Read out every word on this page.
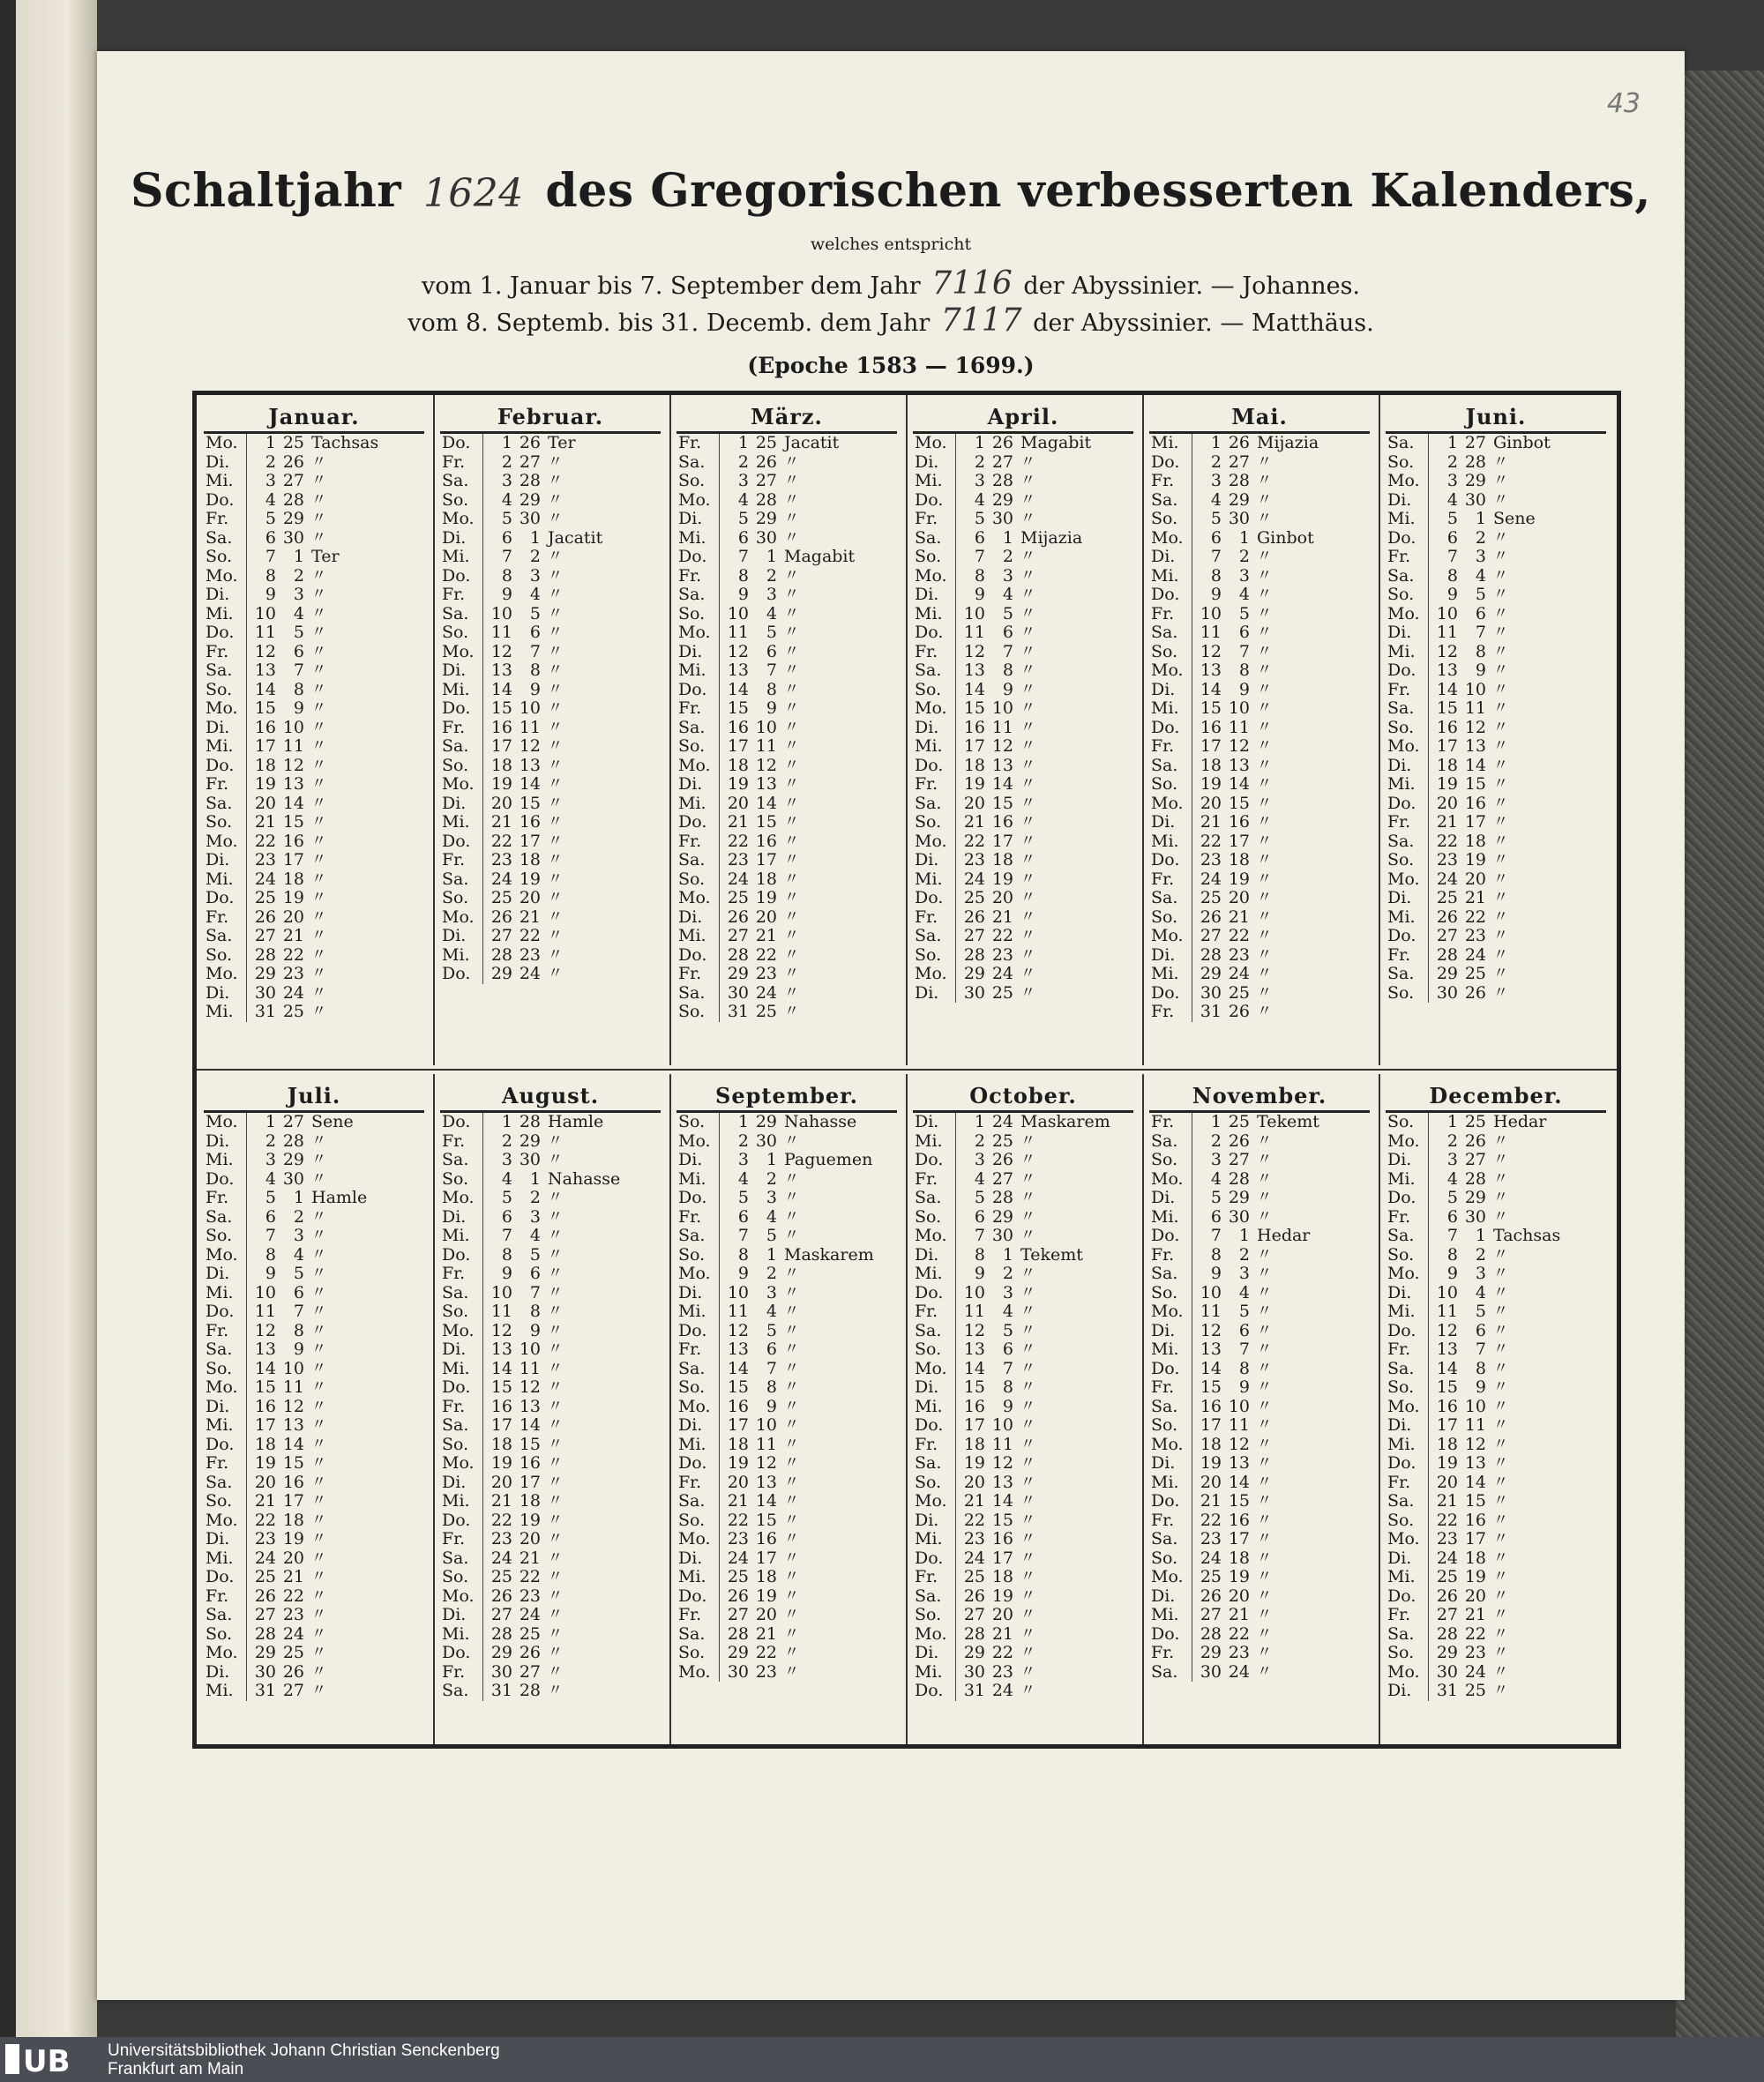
43
Schaltjahr 1624 des Gregorischen verbesserten Kalenders,
welches entspricht
vom 1. Januar bis 7. September dem Jahr 7116 der Abyssinier. — Johannes.
vom 8. Septemb. bis 31. Decemb. dem Jahr 7117 der Abyssinier. — Matthäus.
(Epoche 1583 — 1699.)
Januar.
Mo.	1 25 Tachsas
Di.	2 26 〃
Mi.	3 27 〃
Do.	4 28 〃
Fr.	5 29 〃
Sa.	6 30 〃
So.	7	1 Ter
Mo.	8	2 〃
Di.	9	3 〃
Mi.	10	4 〃
Do.	11	5 〃
Fr.	12	6 〃
Sa.	13	7 〃
So.	14	8 〃
Mo.	15	9 〃
Di.	16 10 〃
Mi.	17 11 〃
Do.	18 12 〃
Fr.	19 13 〃
Sa.	20 14 〃
So.	21 15 〃
Mo.	22 16 〃
Di.	23 17 〃
Mi.	24 18 〃
Do.	25 19 〃
Fr.	26 20 〃
Sa.	27 21 〃
So.	28 22 〃
Mo.	29 23 〃
Di.	30 24 〃
Mi.	31 25 〃
Februar.
Do.	1 26 Ter
Fr.	2 27 〃
Sa.	3 28 〃
So.	4 29 〃
Mo.	5 30 〃
Di.	6	1 Jacatit
Mi.	7	2 〃
Do.	8	3 〃
Fr.	9	4 〃
Sa.	10	5 〃
So.	11	6 〃
Mo.	12	7 〃
Di.	13	8 〃
Mi.	14	9 〃
Do.	15 10 〃
Fr.	16 11 〃
Sa.	17 12 〃
So.	18 13 〃
Mo.	19 14 〃
Di.	20 15 〃
Mi.	21 16 〃
Do.	22 17 〃
Fr.	23 18 〃
Sa.	24 19 〃
So.	25 20 〃
Mo.	26 21 〃
Di.	27 22 〃
Mi.	28 23 〃
Do.	29 24 〃
März.
Fr.	1 25 Jacatit
Sa.	2 26 〃
So.	3 27 〃
Mo.	4 28 〃
Di.	5 29 〃
Mi.	6 30 〃
Do.	7	1 Magabit
Fr.	8	2 〃
Sa.	9	3 〃
So.	10	4 〃
Mo.	11	5 〃
Di.	12	6 〃
Mi.	13	7 〃
Do.	14	8 〃
Fr.	15	9 〃
Sa.	16 10 〃
So.	17 11 〃
Mo.	18 12 〃
Di.	19 13 〃
Mi.	20 14 〃
Do.	21 15 〃
Fr.	22 16 〃
Sa.	23 17 〃
So.	24 18 〃
Mo.	25 19 〃
Di.	26 20 〃
Mi.	27 21 〃
Do.	28 22 〃
Fr.	29 23 〃
Sa.	30 24 〃
So.	31 25 〃
April.
Mo.	1 26 Magabit
Di.	2 27 〃
Mi.	3 28 〃
Do.	4 29 〃
Fr.	5 30 〃
Sa.	6	1 Mijazia
So.	7	2 〃
Mo.	8	3 〃
Di.	9	4 〃
Mi.	10	5 〃
Do.	11	6 〃
Fr.	12	7 〃
Sa.	13	8 〃
So.	14	9 〃
Mo.	15 10 〃
Di.	16 11 〃
Mi.	17 12 〃
Do.	18 13 〃
Fr.	19 14 〃
Sa.	20 15 〃
So.	21 16 〃
Mo.	22 17 〃
Di.	23 18 〃
Mi.	24 19 〃
Do.	25 20 〃
Fr.	26 21 〃
Sa.	27 22 〃
So.	28 23 〃
Mo.	29 24 〃
Di.	30 25 〃
Mai.
Mi.	1 26 Mijazia
Do.	2 27 〃
Fr.	3 28 〃
Sa.	4 29 〃
So.	5 30 〃
Mo.	6	1 Ginbot
Di.	7	2 〃
Mi.	8	3 〃
Do.	9	4 〃
Fr.	10	5 〃
Sa.	11	6 〃
So.	12	7 〃
Mo.	13	8 〃
Di.	14	9 〃
Mi.	15 10 〃
Do.	16 11 〃
Fr.	17 12 〃
Sa.	18 13 〃
So.	19 14 〃
Mo.	20 15 〃
Di.	21 16 〃
Mi.	22 17 〃
Do.	23 18 〃
Fr.	24 19 〃
Sa.	25 20 〃
So.	26 21 〃
Mo.	27 22 〃
Di.	28 23 〃
Mi.	29 24 〃
Do.	30 25 〃
Fr.	31 26 〃
Juni.
Sa.	1 27 Ginbot
So.	2 28 〃
Mo.	3 29 〃
Di.	4 30 〃
Mi.	5	1 Sene
Do.	6	2 〃
Fr.	7	3 〃
Sa.	8	4 〃
So.	9	5 〃
Mo.	10	6 〃
Di.	11	7 〃
Mi.	12	8 〃
Do.	13	9 〃
Fr.	14 10 〃
Sa.	15 11 〃
So.	16 12 〃
Mo.	17 13 〃
Di.	18 14 〃
Mi.	19 15 〃
Do.	20 16 〃
Fr.	21 17 〃
Sa.	22 18 〃
So.	23 19 〃
Mo.	24 20 〃
Di.	25 21 〃
Mi.	26 22 〃
Do.	27 23 〃
Fr.	28 24 〃
Sa.	29 25 〃
So.	30 26 〃
Juli.
Mo.	1 27 Sene
Di.	2 28 〃
Mi.	3 29 〃
Do.	4 30 〃
Fr.	5	1 Hamle
Sa.	6	2 〃
So.	7	3 〃
Mo.	8	4 〃
Di.	9	5 〃
Mi.	10	6 〃
Do.	11	7 〃
Fr.	12	8 〃
Sa.	13	9 〃
So.	14 10 〃
Mo.	15 11 〃
Di.	16 12 〃
Mi.	17 13 〃
Do.	18 14 〃
Fr.	19 15 〃
Sa.	20 16 〃
So.	21 17 〃
Mo.	22 18 〃
Di.	23 19 〃
Mi.	24 20 〃
Do.	25 21 〃
Fr.	26 22 〃
Sa.	27 23 〃
So.	28 24 〃
Mo.	29 25 〃
Di.	30 26 〃
Mi.	31 27 〃
August.
Do.	1 28 Hamle
Fr.	2 29 〃
Sa.	3 30 〃
So.	4	1 Nahasse
Mo.	5	2 〃
Di.	6	3 〃
Mi.	7	4 〃
Do.	8	5 〃
Fr.	9	6 〃
Sa.	10	7 〃
So.	11	8 〃
Mo.	12	9 〃
Di.	13 10 〃
Mi.	14 11 〃
Do.	15 12 〃
Fr.	16 13 〃
Sa.	17 14 〃
So.	18 15 〃
Mo.	19 16 〃
Di.	20 17 〃
Mi.	21 18 〃
Do.	22 19 〃
Fr.	23 20 〃
Sa.	24 21 〃
So.	25 22 〃
Mo.	26 23 〃
Di.	27 24 〃
Mi.	28 25 〃
Do.	29 26 〃
Fr.	30 27 〃
Sa.	31 28 〃
September.
So.	1 29 Nahasse
Mo.	2 30 〃
Di.	3	1 Paguemen
Mi.	4	2 〃
Do.	5	3 〃
Fr.	6	4 〃
Sa.	7	5 〃
So.	8	1 Maskarem
Mo.	9	2 〃
Di.	10	3 〃
Mi.	11	4 〃
Do.	12	5 〃
Fr.	13	6 〃
Sa.	14	7 〃
So.	15	8 〃
Mo.	16	9 〃
Di.	17 10 〃
Mi.	18 11 〃
Do.	19 12 〃
Fr.	20 13 〃
Sa.	21 14 〃
So.	22 15 〃
Mo.	23 16 〃
Di.	24 17 〃
Mi.	25 18 〃
Do.	26 19 〃
Fr.	27 20 〃
Sa.	28 21 〃
So.	29 22 〃
Mo.	30 23 〃
October.
Di.	1 24 Maskarem
Mi.	2 25 〃
Do.	3 26 〃
Fr.	4 27 〃
Sa.	5 28 〃
So.	6 29 〃
Mo.	7 30 〃
Di.	8	1 Tekemt
Mi.	9	2 〃
Do.	10	3 〃
Fr.	11	4 〃
Sa.	12	5 〃
So.	13	6 〃
Mo.	14	7 〃
Di.	15	8 〃
Mi.	16	9 〃
Do.	17 10 〃
Fr.	18 11 〃
Sa.	19 12 〃
So.	20 13 〃
Mo.	21 14 〃
Di.	22 15 〃
Mi.	23 16 〃
Do.	24 17 〃
Fr.	25 18 〃
Sa.	26 19 〃
So.	27 20 〃
Mo.	28 21 〃
Di.	29 22 〃
Mi.	30 23 〃
Do.	31 24 〃
November.
Fr.	1 25 Tekemt
Sa.	2 26 〃
So.	3 27 〃
Mo.	4 28 〃
Di.	5 29 〃
Mi.	6 30 〃
Do.	7	1 Hedar
Fr.	8	2 〃
Sa.	9	3 〃
So.	10	4 〃
Mo.	11	5 〃
Di.	12	6 〃
Mi.	13	7 〃
Do.	14	8 〃
Fr.	15	9 〃
Sa.	16 10 〃
So.	17 11 〃
Mo.	18 12 〃
Di.	19 13 〃
Mi.	20 14 〃
Do.	21 15 〃
Fr.	22 16 〃
Sa.	23 17 〃
So.	24 18 〃
Mo.	25 19 〃
Di.	26 20 〃
Mi.	27 21 〃
Do.	28 22 〃
Fr.	29 23 〃
Sa.	30 24 〃
December.
So.	1 25 Hedar
Mo.	2 26 〃
Di.	3 27 〃
Mi.	4 28 〃
Do.	5 29 〃
Fr.	6 30 〃
Sa.	7	1 Tachsas
So.	8	2 〃
Mo.	9	3 〃
Di.	10	4 〃
Mi.	11	5 〃
Do.	12	6 〃
Fr.	13	7 〃
Sa.	14	8 〃
So.	15	9 〃
Mo.	16 10 〃
Di.	17 11 〃
Mi.	18 12 〃
Do.	19 13 〃
Fr.	20 14 〃
Sa.	21 15 〃
So.	22 16 〃
Mo.	23 17 〃
Di.	24 18 〃
Mi.	25 19 〃
Do.	26 20 〃
Fr.	27 21 〃
Sa.	28 22 〃
So.	29 23 〃
Mo.	30 24 〃
Di.	31 25 〃
UB Universitätsbibliothek Johann Christian Senckenberg
Frankfurt am Main
